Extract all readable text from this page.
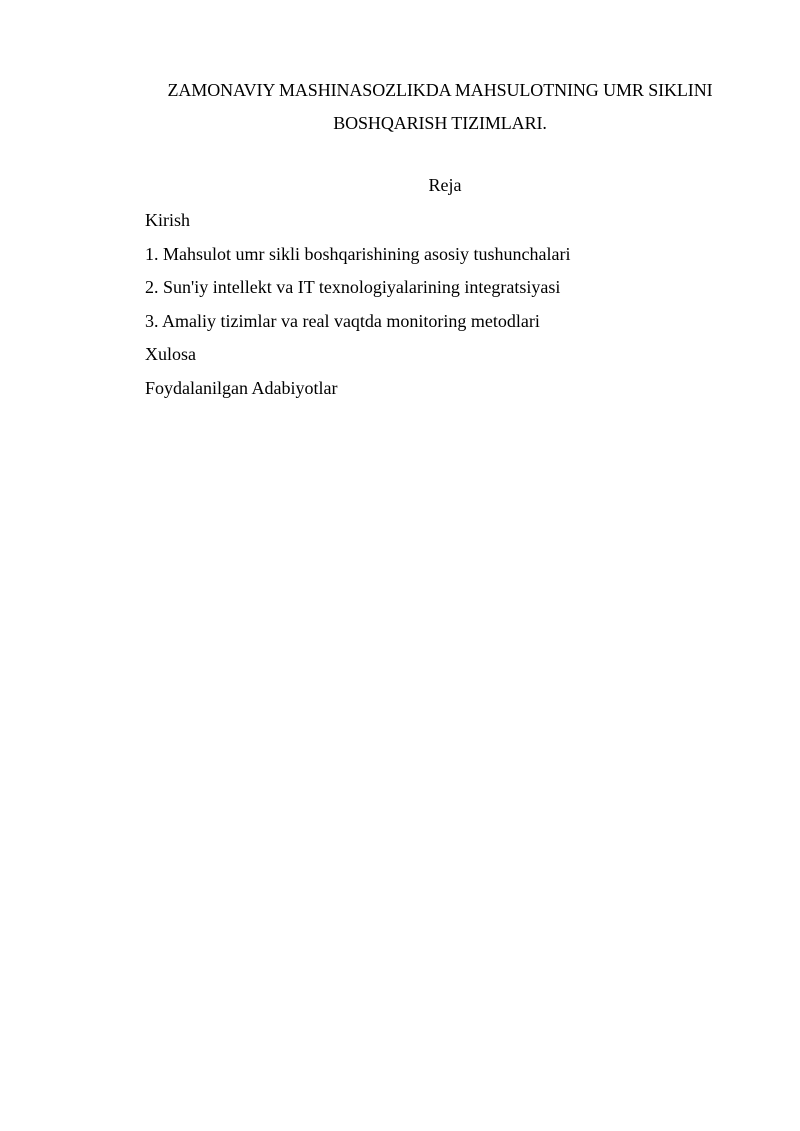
ZAMONAVIY MASHINASOZLIKDA MAHSULOTNING UMR SIKLINI
BOSHQARISH TIZIMLARI.
Reja
Kirish
1. Mahsulot umr sikli boshqarishining asosiy tushunchalari
2. Sun'iy intellekt va IT texnologiyalarining integratsiyasi
3. Amaliy tizimlar va real vaqtda monitoring metodlari
Xulosa
Foydalanilgan Adabiyotlar
